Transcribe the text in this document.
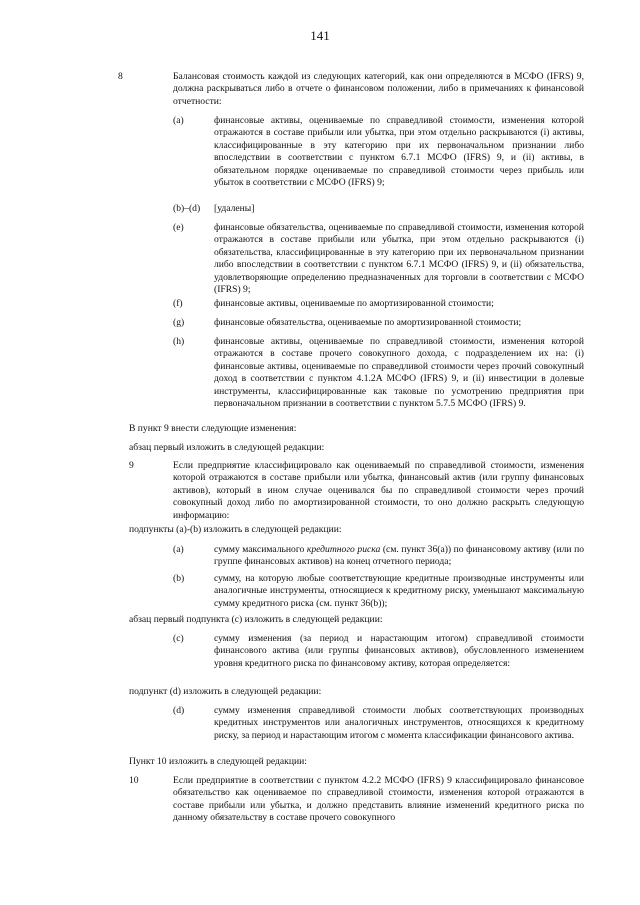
141
8	Балансовая стоимость каждой из следующих категорий, как они определяются в МСФО (IFRS) 9, должна раскрываться либо в отчете о финансовом положении, либо в примечаниях к финансовой отчетности:
(a)	финансовые активы, оцениваемые по справедливой стоимости, изменения которой отражаются в составе прибыли или убытка, при этом отдельно раскрываются (i) активы, классифицированные в эту категорию при их первоначальном признании либо впоследствии в соответствии с пунктом 6.7.1 МСФО (IFRS) 9, и (ii) активы, в обязательном порядке оцениваемые по справедливой стоимости через прибыль или убыток в соответствии с МСФО (IFRS) 9;
(b)–(d) [удалены]
(e)	финансовые обязательства, оцениваемые по справедливой стоимости, изменения которой отражаются в составе прибыли или убытка, при этом отдельно раскрываются (i) обязательства, классифицированные в эту категорию при их первоначальном признании либо впоследствии в соответствии с пунктом 6.7.1 МСФО (IFRS) 9, и (ii) обязательства, удовлетворяющие определению предназначенных для торговли в соответствии с МСФО (IFRS) 9;
(f)	финансовые активы, оцениваемые по амортизированной стоимости;
(g)	финансовые обязательства, оцениваемые по амортизированной стоимости;
(h)	финансовые активы, оцениваемые по справедливой стоимости, изменения которой отражаются в составе прочего совокупного дохода, с подразделением их на: (i) финансовые активы, оцениваемые по справедливой стоимости через прочий совокупный доход в соответствии с пунктом 4.1.2A МСФО (IFRS) 9, и (ii) инвестиции в долевые инструменты, классифицированные как таковые по усмотрению предприятия при первоначальном признании в соответствии с пунктом 5.7.5 МСФО (IFRS) 9.
В пункт 9 внести следующие изменения:
абзац первый изложить в следующей редакции:
9	Если предприятие классифицировало как оцениваемый по справедливой стоимости, изменения которой отражаются в составе прибыли или убытка, финансовый актив (или группу финансовых активов), который в ином случае оценивался бы по справедливой стоимости через прочий совокупный доход либо по амортизированной стоимости, то оно должно раскрыть следующую информацию:
подпункты (a)-(b) изложить в следующей редакции:
(a)	сумму максимального кредитного риска (см. пункт 36(a)) по финансовому активу (или по группе финансовых активов) на конец отчетного периода;
(b)	сумму, на которую любые соответствующие кредитные производные инструменты или аналогичные инструменты, относящиеся к кредитному риску, уменьшают максимальную сумму кредитного риска (см. пункт 36(b));
абзац первый подпункта (c) изложить в следующей редакции:
(c)	сумму изменения (за период и нарастающим итогом) справедливой стоимости финансового актива (или группы финансовых активов), обусловленного изменением уровня кредитного риска по финансовому активу, которая определяется:
подпункт (d) изложить в следующей редакции:
(d)	сумму изменения справедливой стоимости любых соответствующих производных кредитных инструментов или аналогичных инструментов, относящихся к кредитному риску, за период и нарастающим итогом с момента классификации финансового актива.
Пункт 10 изложить в следующей редакции:
10	Если предприятие в соответствии с пунктом 4.2.2 МСФО (IFRS) 9 классифицировало финансовое обязательство как оцениваемое по справедливой стоимости, изменения которой отражаются в составе прибыли или убытка, и должно представить влияние изменений кредитного риска по данному обязательству в составе прочего совокупного
